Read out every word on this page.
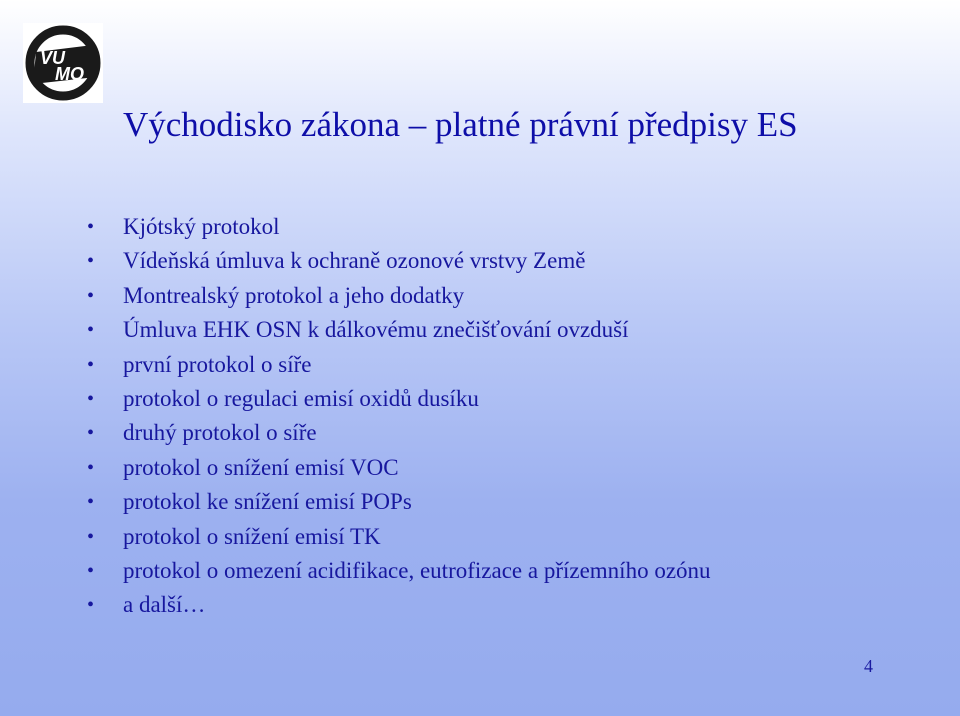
VU
MO
Východisko zákona – platné právní předpisy ES
• Kjótský protokol
• Vídeňská úmluva k ochraně ozonové vrstvy Země
• Montrealský protokol a jeho dodatky
• Úmluva EHK OSN k dálkovému znečišťování ovzduší
• první protokol o síře
• protokol o regulaci emisí oxidů dusíku
• druhý protokol o síře
• protokol o snížení emisí VOC
• protokol ke snížení emisí POPs
• protokol o snížení emisí TK
• protokol o omezení acidifikace, eutrofizace a přízemního ozónu
• a další…
4
